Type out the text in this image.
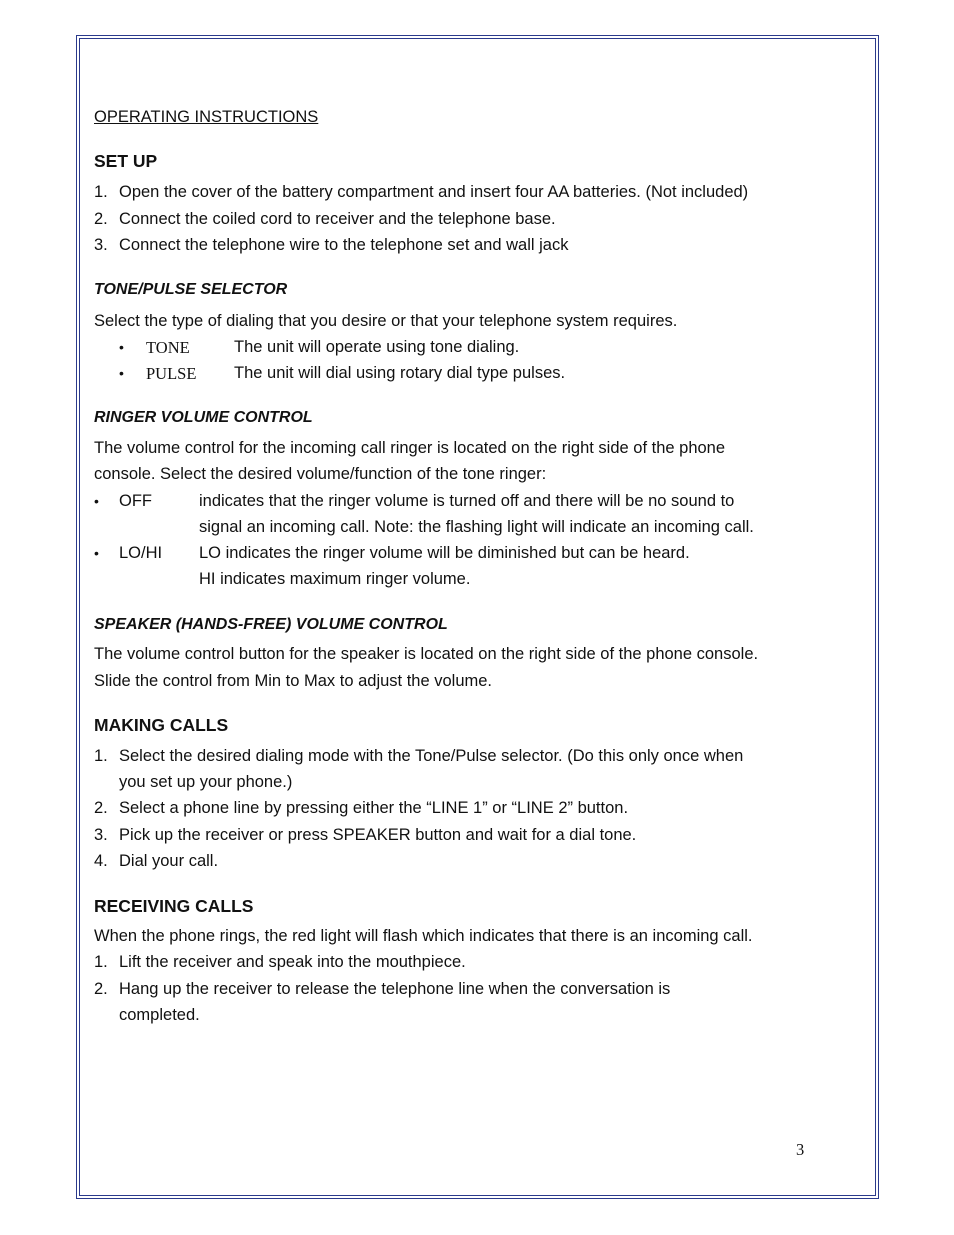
OPERATING INSTRUCTIONS
SET UP
1. Open the cover of the battery compartment and insert four AA batteries. (Not included)
2. Connect the coiled cord to receiver and the telephone base.
3. Connect the telephone wire to the telephone set and wall jack
TONE/PULSE SELECTOR
Select the type of dialing that you desire or that your telephone system requires.
• TONE	The unit will operate using tone dialing.
• PULSE The unit will dial using rotary dial type pulses.
RINGER VOLUME CONTROL
The volume control for the incoming call ringer is located on the right side of the phone
console. Select the desired volume/function of the tone ringer:
• OFF	indicates that the ringer volume is turned off and there will be no sound to
signal an incoming call. Note: the flashing light will indicate an incoming call.
• LO/HI LO indicates the ringer volume will be diminished but can be heard.
HI indicates maximum ringer volume.
SPEAKER (HANDS-FREE) VOLUME CONTROL
The volume control button for the speaker is located on the right side of the phone console.
Slide the control from Min to Max to adjust the volume.
MAKING CALLS
1. Select the desired dialing mode with the Tone/Pulse selector. (Do this only once when
you set up your phone.)
2. Select a phone line by pressing either the “LINE 1” or “LINE 2” button.
3. Pick up the receiver or press SPEAKER button and wait for a dial tone.
4. Dial your call.
RECEIVING CALLS
When the phone rings, the red light will flash which indicates that there is an incoming call.
1. Lift the receiver and speak into the mouthpiece.
2. Hang up the receiver to release the telephone line when the conversation is
completed.
3
